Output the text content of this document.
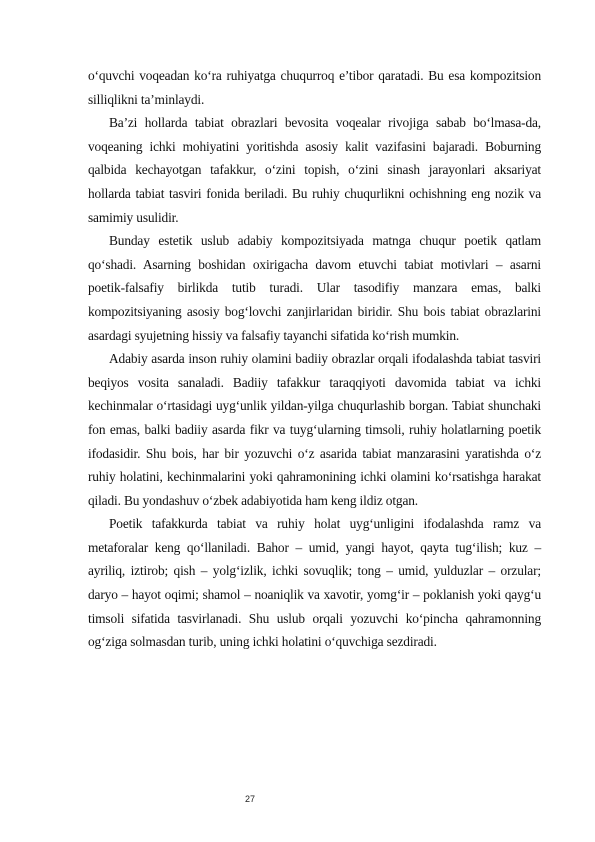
o‘quvchi voqeadan ko‘ra ruhiyatga chuqurroq e’tibor qaratadi. Bu esa kompozitsion silliqlikni ta’minlaydi.

Ba’zi hollarda tabiat obrazlari bevosita voqealar rivojiga sabab bo‘lmasa-da, voqeaning ichki mohiyatini yoritishda asosiy kalit vazifasini bajaradi. Boburning qalbida kechayotgan tafakkur, o‘zini topish, o‘zini sinash jarayonlari aksariyat hollarda tabiat tasviri fonida beriladi. Bu ruhiy chuqurlikni ochishning eng nozik va samimiy usulidir.

Bunday estetik uslub adabiy kompozitsiyada matnga chuqur poetik qatlam qo‘shadi. Asarning boshidan oxirigacha davom etuvchi tabiat motivlari – asarni poetik-falsafiy birlikda tutib turadi. Ular tasodifiy manzara emas, balki kompozitsiyaning asosiy bog‘lovchi zanjirlaridan biridir. Shu bois tabiat obrazlarini asardagi syujetning hissiy va falsafiy tayanchi sifatida ko‘rish mumkin.

Adabiy asarda inson ruhiy olamini badiiy obrazlar orqali ifodalashda tabiat tasviri beqiyos vosita sanaladi. Badiiy tafakkur taraqqiyoti davomida tabiat va ichki kechinmalar o‘rtasidagi uyg‘unlik yildan-yilga chuqurlashib borgan. Tabiat shunchaki fon emas, balki badiiy asarda fikr va tuyg‘ularning timsoli, ruhiy holatlarning poetik ifodasidir. Shu bois, har bir yozuvchi o‘z asarida tabiat manzarasini yaratishda o‘z ruhiy holatini, kechinmalarini yoki qahramonining ichki olamini ko‘rsatishga harakat qiladi. Bu yondashuv o‘zbek adabiyotida ham keng ildiz otgan.

Poetik tafakkurda tabiat va ruhiy holat uyg‘unligini ifodalashda ramz va metaforalar keng qo‘llaniladi. Bahor – umid, yangi hayot, qayta tug‘ilish; kuz – ayriliq, iztirob; qish – yolg‘izlik, ichki sovuqlik; tong – umid, yulduzlar – orzular; daryo – hayot oqimi; shamol – noaniqlik va xavotir, yomg‘ir – poklanish yoki qayg‘u timsoli sifatida tasvirlanadi. Shu uslub orqali yozuvchi ko‘pincha qahramonning og‘ziga solmasdan turib, uning ichki holatini o‘quvchiga sezdiradi.

27
